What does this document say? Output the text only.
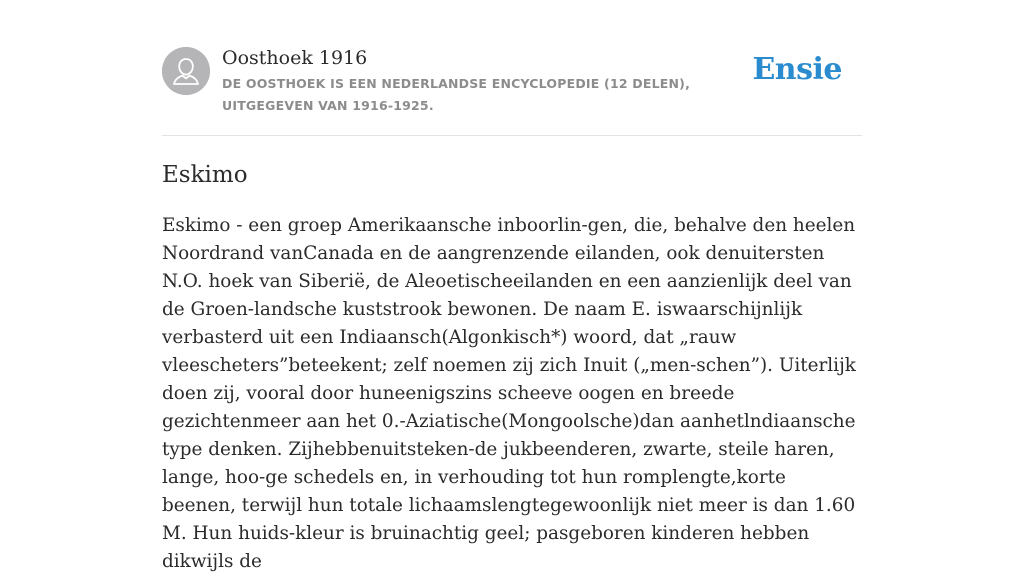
Oosthoek 1916
DE OOSTHOEK IS EEN NEDERLANDSE ENCYCLOPEDIE (12 DELEN), UITGEGEVEN VAN 1916-1925.
Ensie
Eskimo

Eskimo - een groep Amerikaansche inboorlin-gen, die, behalve den heelen Noordrand vanCanada en de aangrenzende eilanden, ook denuitersten N.O. hoek van Siberië, de Aleoetischeeilanden en een aanzienlijk deel van de Groen-landsche kuststrook bewonen. De naam E. iswaarschijnlijk verbasterd uit een Indiaansch(Algonkisch*) woord, dat „rauw vleescheters”beteekent; zelf noemen zij zich Inuit („men-schen”). Uiterlijk doen zij, vooral door huneenigszins scheeve oogen en breede gezichtenmeer aan het 0.-Aziatische(Mongoolsche)dan aanhetlndiaansche type denken. Zijhebbenuitsteken-de jukbeenderen, zwarte, steile haren, lange, hoo-ge schedels en, in verhouding tot hun romplengte,korte beenen, terwijl hun totale lichaamslengtegewoonlijk niet meer is dan 1.60 M. Hun huids-kleur is bruinachtig geel; pasgeboren kinderen hebben dikwijls de
